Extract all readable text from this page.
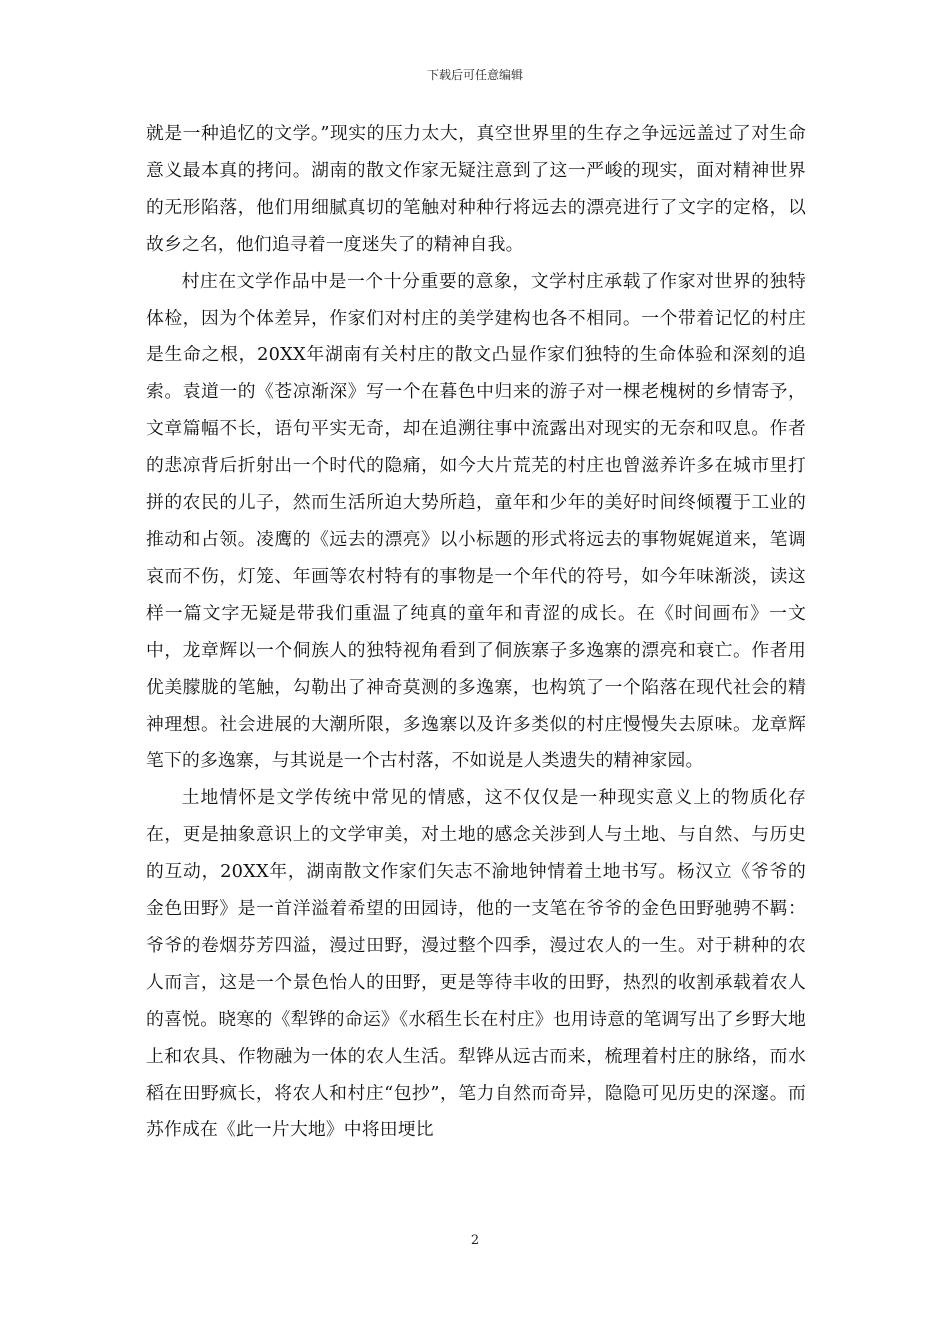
下载后可任意编辑

就是一种追忆的文学。”现实的压力太大，真空世界里的生存之争远远盖过了对生命意义最本真的拷问。湖南的散文作家无疑注意到了这一严峻的现实，面对精神世界的无形陷落，他们用细腻真切的笔触对种种行将远去的漂亮进行了文字的定格，以故乡之名，他们追寻着一度迷失了的精神自我。

村庄在文学作品中是一个十分重要的意象，文学村庄承载了作家对世界的独特体检，因为个体差异，作家们对村庄的美学建构也各不相同。一个带着记忆的村庄是生命之根，20XX年湖南有关村庄的散文凸显作家们独特的生命体验和深刻的追索。袁道一的《苍凉渐深》写一个在暮色中归来的游子对一棵老槐树的乡情寄予，文章篇幅不长，语句平实无奇，却在追溯往事中流露出对现实的无奈和叹息。作者的悲凉背后折射出一个时代的隐痛，如今大片荒芜的村庄也曾滋养许多在城市里打拼的农民的儿子，然而生活所迫大势所趋，童年和少年的美好时间终倾覆于工业的推动和占领。凌鹰的《远去的漂亮》以小标题的形式将远去的事物娓娓道来，笔调哀而不伤，灯笼、年画等农村特有的事物是一个年代的符号，如今年味渐淡，读这样一篇文字无疑是带我们重温了纯真的童年和青涩的成长。在《时间画布》一文中，龙章辉以一个侗族人的独特视角看到了侗族寨子多逸寨的漂亮和衰亡。作者用优美朦胧的笔触，勾勒出了神奇莫测的多逸寨，也构筑了一个陷落在现代社会的精神理想。社会进展的大潮所限，多逸寨以及许多类似的村庄慢慢失去原味。龙章辉笔下的多逸寨，与其说是一个古村落，不如说是人类遗失的精神家园。

土地情怀是文学传统中常见的情感，这不仅仅是一种现实意义上的物质化存在，更是抽象意识上的文学审美，对土地的感念关涉到人与土地、与自然、与历史的互动，20XX年，湖南散文作家们矢志不渝地钟情着土地书写。杨汉立《爷爷的金色田野》是一首洋溢着希望的田园诗，他的一支笔在爷爷的金色田野驰骋不羁：爷爷的卷烟芬芳四溢，漫过田野，漫过整个四季，漫过农人的一生。对于耕种的农人而言，这是一个景色怡人的田野，更是等待丰收的田野，热烈的收割承载着农人的喜悦。晓寒的《犁铧的命运》《水稻生长在村庄》也用诗意的笔调写出了乡野大地上和农具、作物融为一体的农人生活。犁铧从远古而来，梳理着村庄的脉络，而水稻在田野疯长，将农人和村庄“包抄”，笔力自然而奇异，隐隐可见历史的深邃。而苏作成在《此一片大地》中将田埂比

2
